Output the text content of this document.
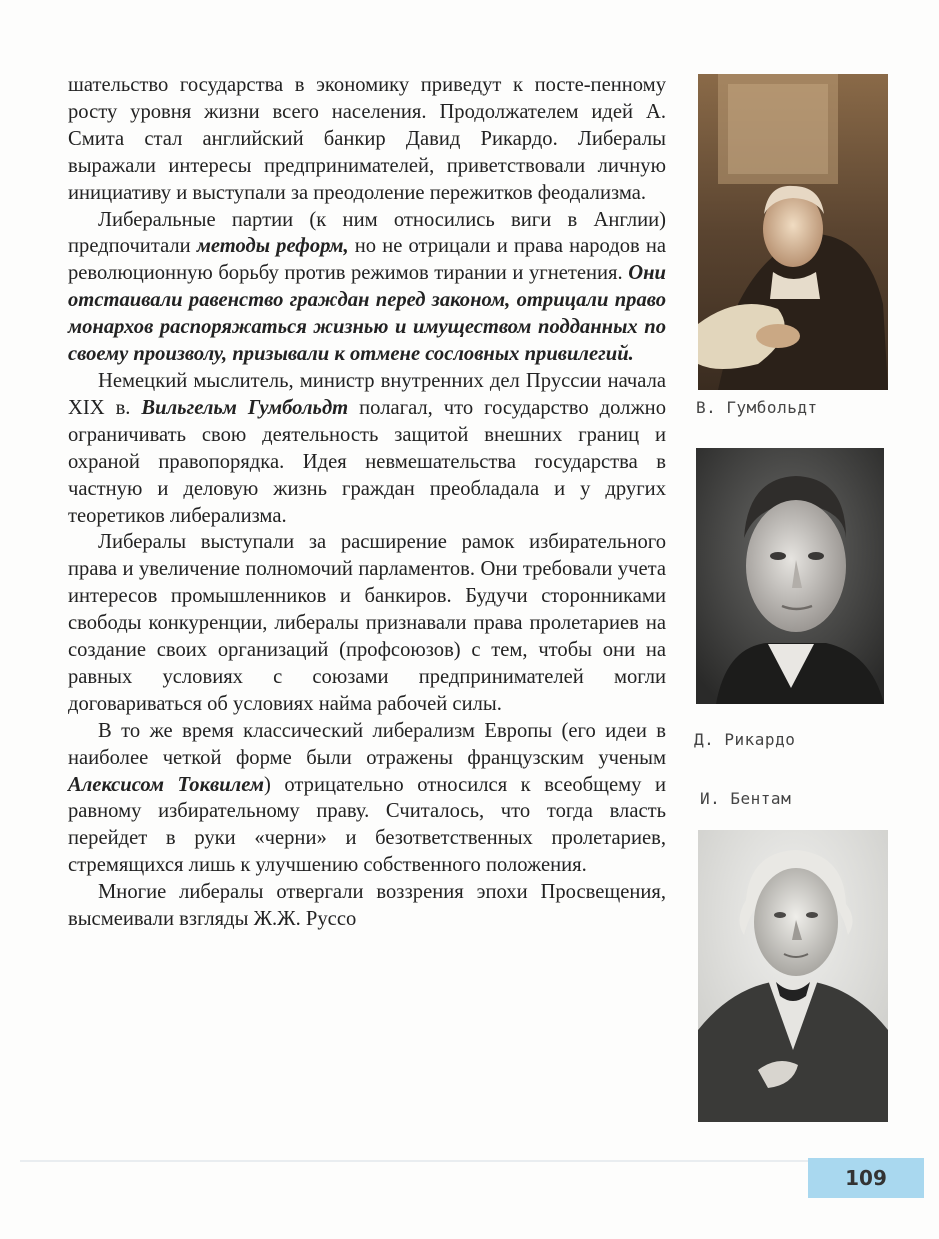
шательство государства в экономику приведут к посте-пенному росту уровня жизни всего населения. Продолжателем идей А. Смита стал английский банкир Давид Рикардо. Либералы выражали интересы предпринимателей, приветствовали личную инициативу и выступали за преодоление пережитков феодализма.

Либеральные партии (к ним относились виги в Англии) предпочитали методы реформ, но не отрицали и права народов на революционную борьбу против режимов тирании и угнетения. Они отстаивали равенство граждан перед законом, отрицали право монархов распоряжаться жизнью и имуществом подданных по своему произволу, призывали к отмене сословных привилегий.

Немецкий мыслитель, министр внутренних дел Пруссии начала XIX в. Вильгельм Гумбольдт полагал, что государство должно ограничивать свою деятельность защитой внешних границ и охраной правопорядка. Идея невмешательства государства в частную и деловую жизнь граждан преобладала и у других теоретиков либерализма.

Либералы выступали за расширение рамок избирательного права и увеличение полномочий парламентов. Они требовали учета интересов промышленников и банкиров. Будучи сторонниками свободы конкуренции, либералы признавали права пролетариев на создание своих организаций (профсоюзов) с тем, чтобы они на равных условиях с союзами предпринимателей могли договариваться об условиях найма рабочей силы.

В то же время классический либерализм Европы (его идеи в наиболее четкой форме были отражены французским ученым Алексисом Токвилем) отрицательно относился к всеобщему и равному избирательному праву. Считалось, что тогда власть перейдет в руки «черни» и безответственных пролетариев, стремящихся лишь к улучшению собственного положения.

Многие либералы отвергали воззрения эпохи Просвещения, высмеивали взгляды Ж.Ж. Руссо

В. Гумбольдт
Д. Рикардо
И. Бентам
109
